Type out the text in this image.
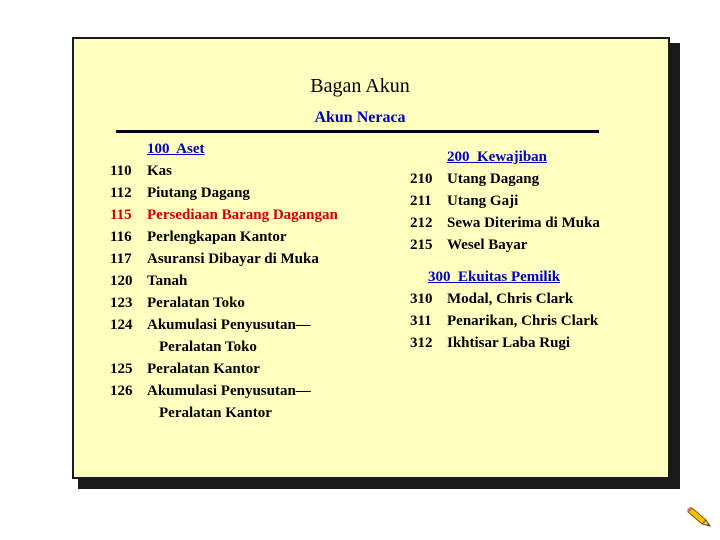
Bagan Akun
Akun Neraca
100  Aset
110	Kas
112	Piutang Dagang
115	Persediaan Barang Dagangan
116	Perlengkapan Kantor
117	Asuransi Dibayar di Muka
120 Tanah
123 Peralatan Toko
124 Akumulasi Penyusutan—
Peralatan Toko
125 Peralatan Kantor
126 Akumulasi Penyusutan—
Peralatan Kantor
200  Kewajiban
210 Utang Dagang
211	Utang Gaji
212 Sewa Diterima di Muka
215 Wesel Bayar
300  Ekuitas Pemilik
310 Modal, Chris Clark
311	Penarikan, Chris Clark
312 Ikhtisar Laba Rugi
